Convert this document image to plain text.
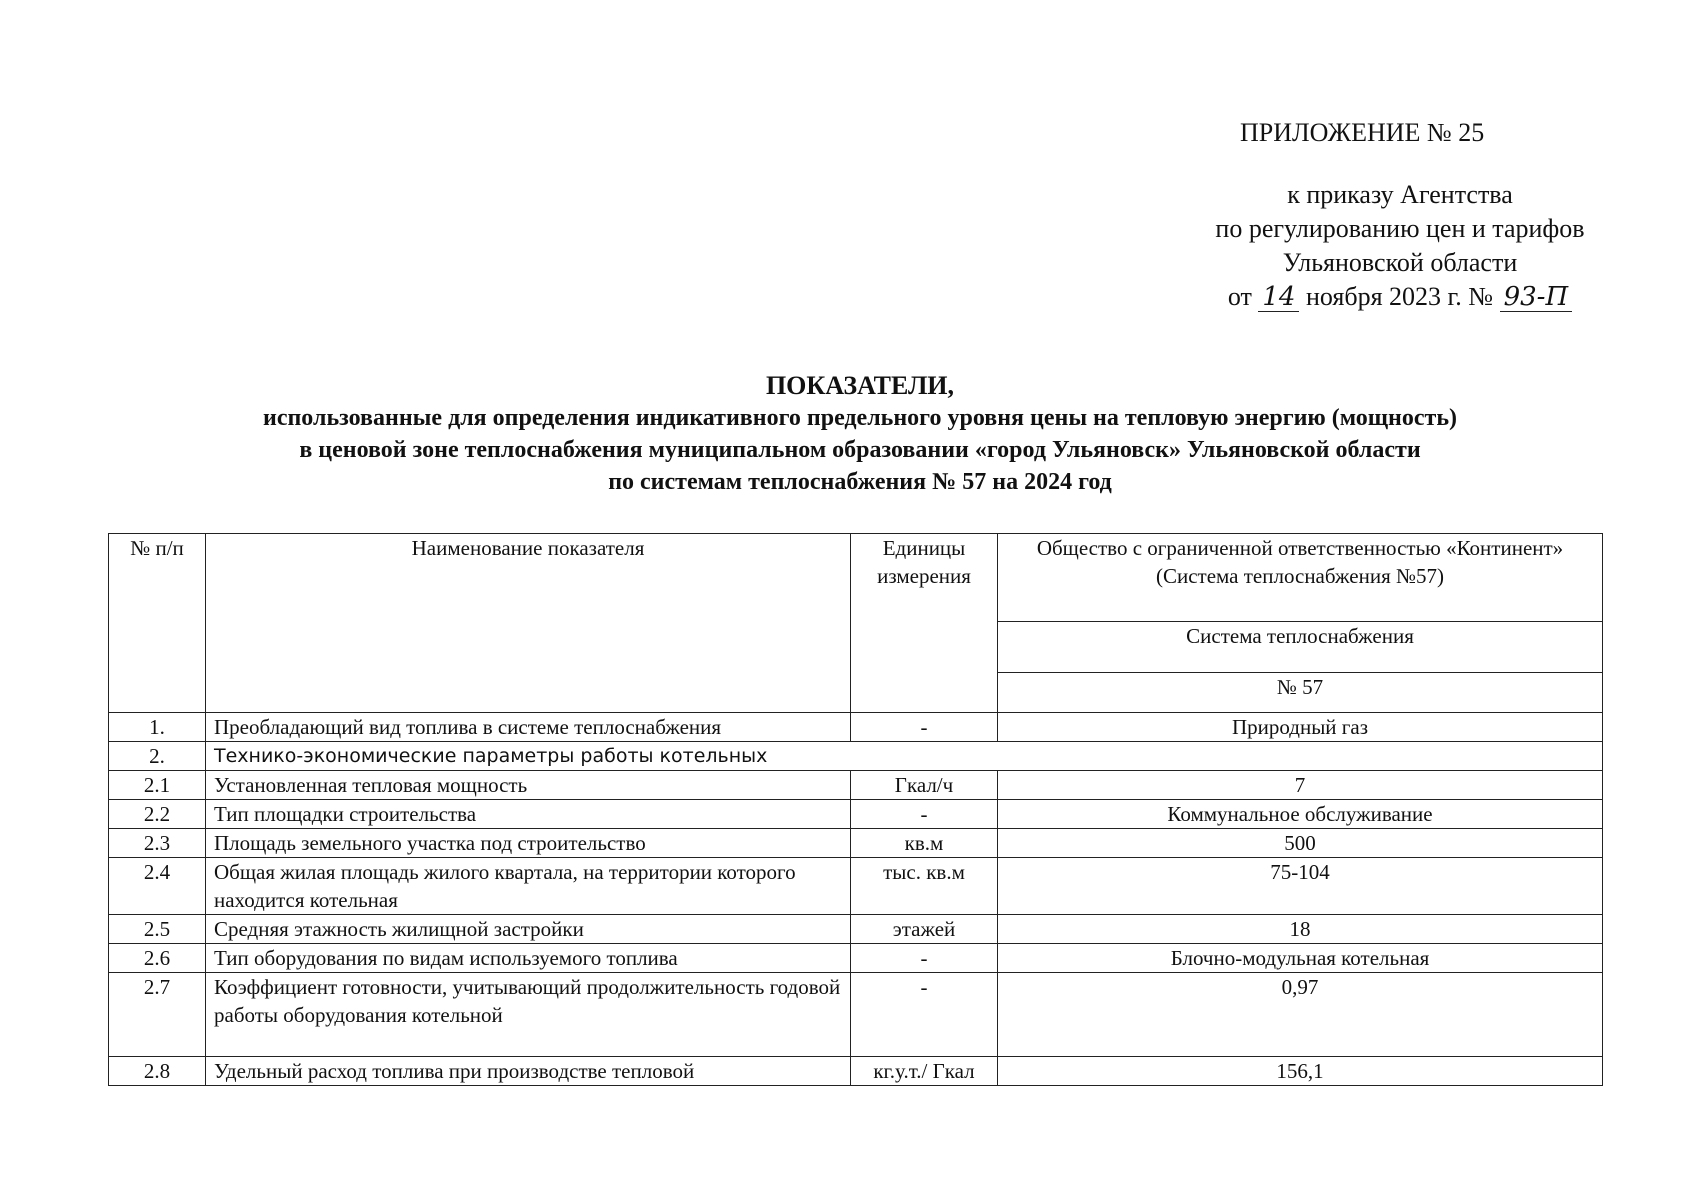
ПРИЛОЖЕНИЕ № 25
к приказу Агентства
по регулированию цен и тарифов
Ульяновской области
от 14 ноября 2023 г. № 93-П
ПОКАЗАТЕЛИ,
использованные для определения индикативного предельного уровня цены на тепловую энергию (мощность)
в ценовой зоне теплоснабжения муниципальном образовании «город Ульяновск» Ульяновской области
по системам теплоснабжения № 57 на 2024 год
№ п/п	Наименование показателя	Единицы измерения	Общество с ограниченной ответственностью «Континент» (Система теплоснабжения №57)
			Система теплоснабжения
			№ 57
1.	Преобладающий вид топлива в системе теплоснабжения	-	Природный газ
2.	Технико-экономические параметры работы котельных		
2.1	Установленная тепловая мощность	Гкал/ч	7
2.2	Тип площадки строительства	-	Коммунальное обслуживание
2.3	Площадь земельного участка под строительство	кв.м	500
2.4	Общая жилая площадь жилого квартала, на территории которого находится котельная	тыс. кв.м	75-104
2.5	Средняя этажность жилищной застройки	этажей	18
2.6	Тип оборудования по видам используемого топлива	-	Блочно-модульная котельная
2.7	Коэффициент готовности, учитывающий продолжительность годовой работы оборудования котельной	-	0,97
2.8	Удельный расход топлива при производстве тепловой	кг.у.т./ Гкал	156,1
